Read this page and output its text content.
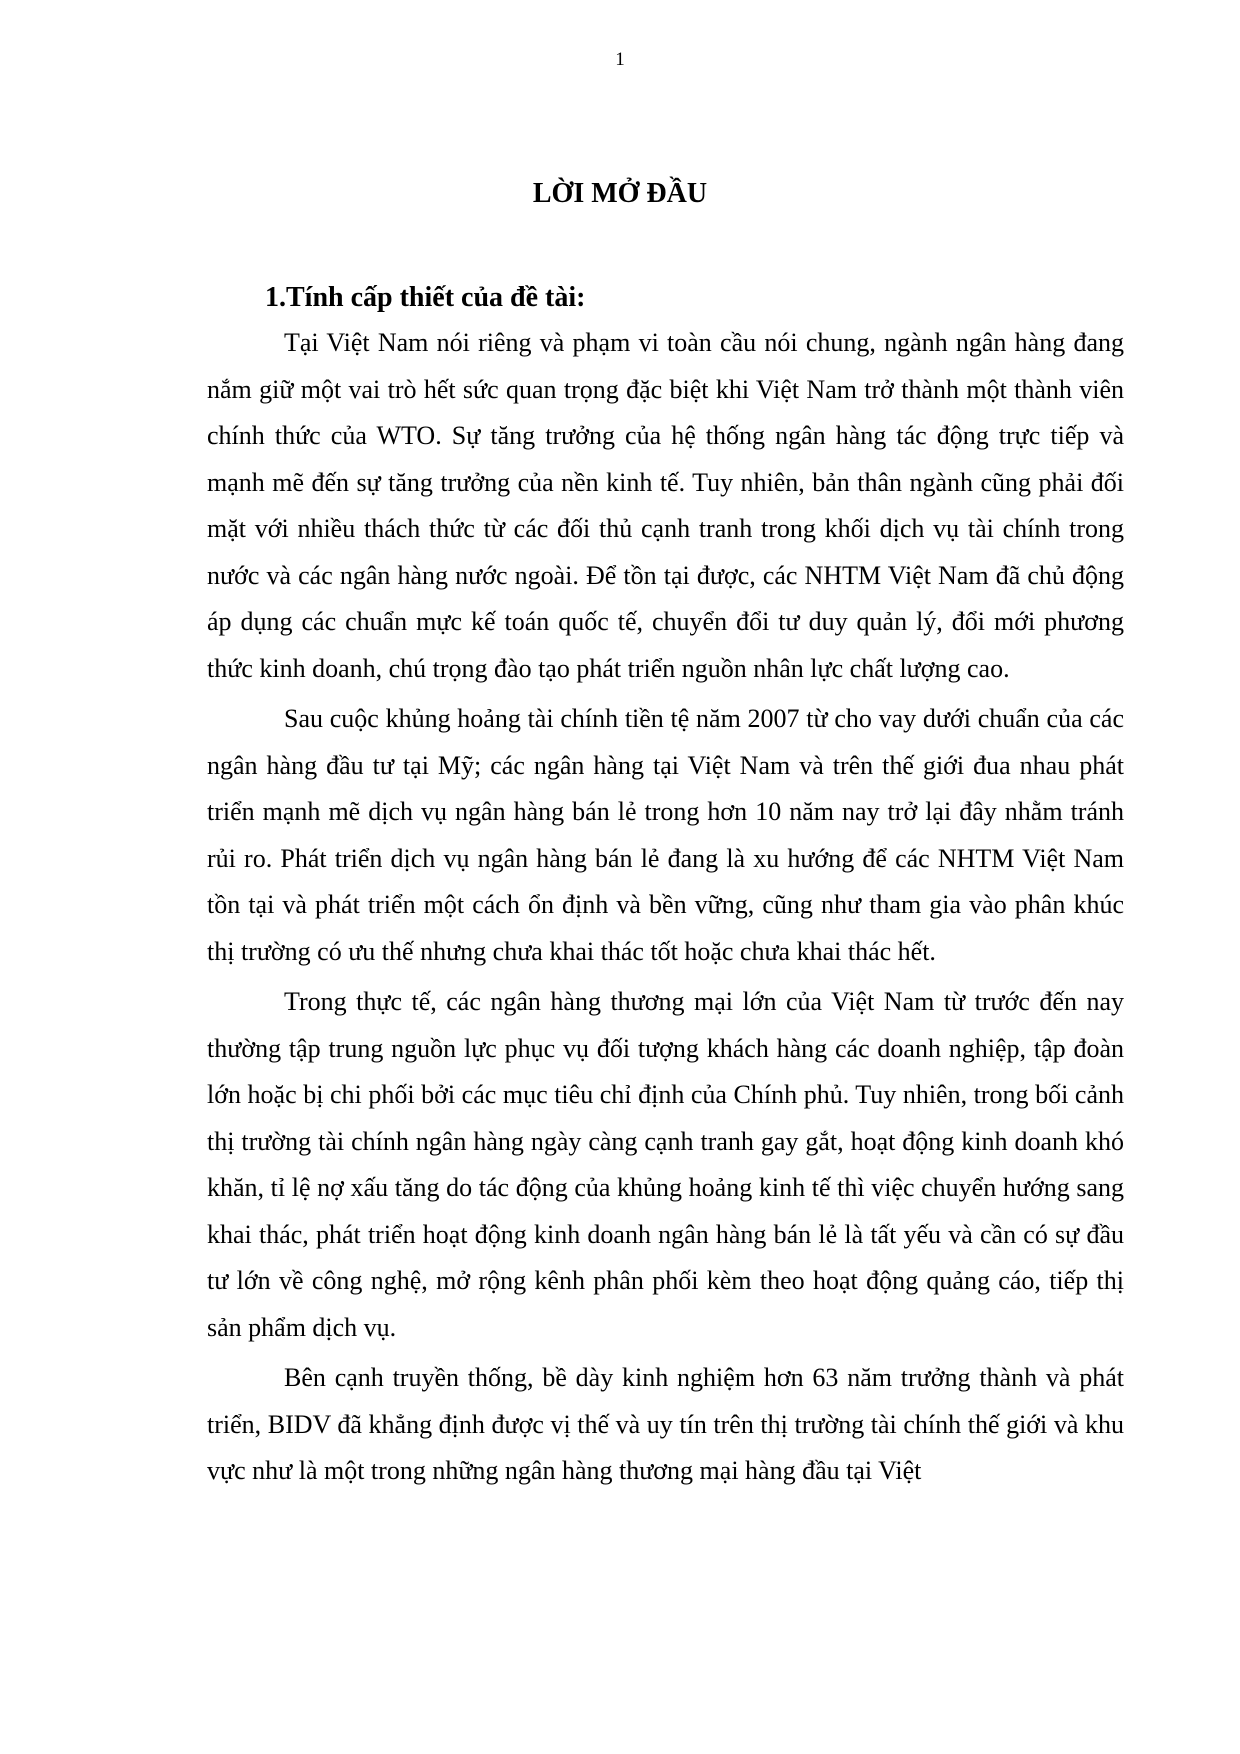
1
LỜI MỞ ĐẦU
1.Tính cấp thiết của đề tài:

Tại Việt Nam nói riêng và phạm vi toàn cầu nói chung, ngành ngân hàng đang nắm giữ một vai trò hết sức quan trọng đặc biệt khi Việt Nam trở thành một thành viên chính thức của WTO. Sự tăng trưởng của hệ thống ngân hàng tác động trực tiếp và mạnh mẽ đến sự tăng trưởng của nền kinh tế. Tuy nhiên, bản thân ngành cũng phải đối mặt với nhiều thách thức từ các đối thủ cạnh tranh trong khối dịch vụ tài chính trong nước và các ngân hàng nước ngoài. Để tồn tại được, các NHTM Việt Nam đã chủ động áp dụng các chuẩn mực kế toán quốc tế, chuyển đổi tư duy quản lý, đổi mới phương thức kinh doanh, chú trọng đào tạo phát triển nguồn nhân lực chất lượng cao.

Sau cuộc khủng hoảng tài chính tiền tệ năm 2007 từ cho vay dưới chuẩn của các ngân hàng đầu tư tại Mỹ; các ngân hàng tại Việt Nam và trên thế giới đua nhau phát triển mạnh mẽ dịch vụ ngân hàng bán lẻ trong hơn 10 năm nay trở lại đây nhằm tránh rủi ro. Phát triển dịch vụ ngân hàng bán lẻ đang là xu hướng để các NHTM Việt Nam tồn tại và phát triển một cách ổn định và bền vững, cũng như tham gia vào phân khúc thị trường có ưu thế nhưng chưa khai thác tốt hoặc chưa khai thác hết.

Trong thực tế, các ngân hàng thương mại lớn của Việt Nam từ trước đến nay thường tập trung nguồn lực phục vụ đối tượng khách hàng các doanh nghiệp, tập đoàn lớn hoặc bị chi phối bởi các mục tiêu chỉ định của Chính phủ. Tuy nhiên, trong bối cảnh thị trường tài chính ngân hàng ngày càng cạnh tranh gay gắt, hoạt động kinh doanh khó khăn, tỉ lệ nợ xấu tăng do tác động của khủng hoảng kinh tế thì việc chuyển hướng sang khai thác, phát triển hoạt động kinh doanh ngân hàng bán lẻ là tất yếu và cần có sự đầu tư lớn về công nghệ, mở rộng kênh phân phối kèm theo hoạt động quảng cáo, tiếp thị sản phẩm dịch vụ.

Bên cạnh truyền thống, bề dày kinh nghiệm hơn 63 năm trưởng thành và phát triển, BIDV đã khẳng định được vị thế và uy tín trên thị trường tài chính thế giới và khu vực như là một trong những ngân hàng thương mại hàng đầu tại Việt
